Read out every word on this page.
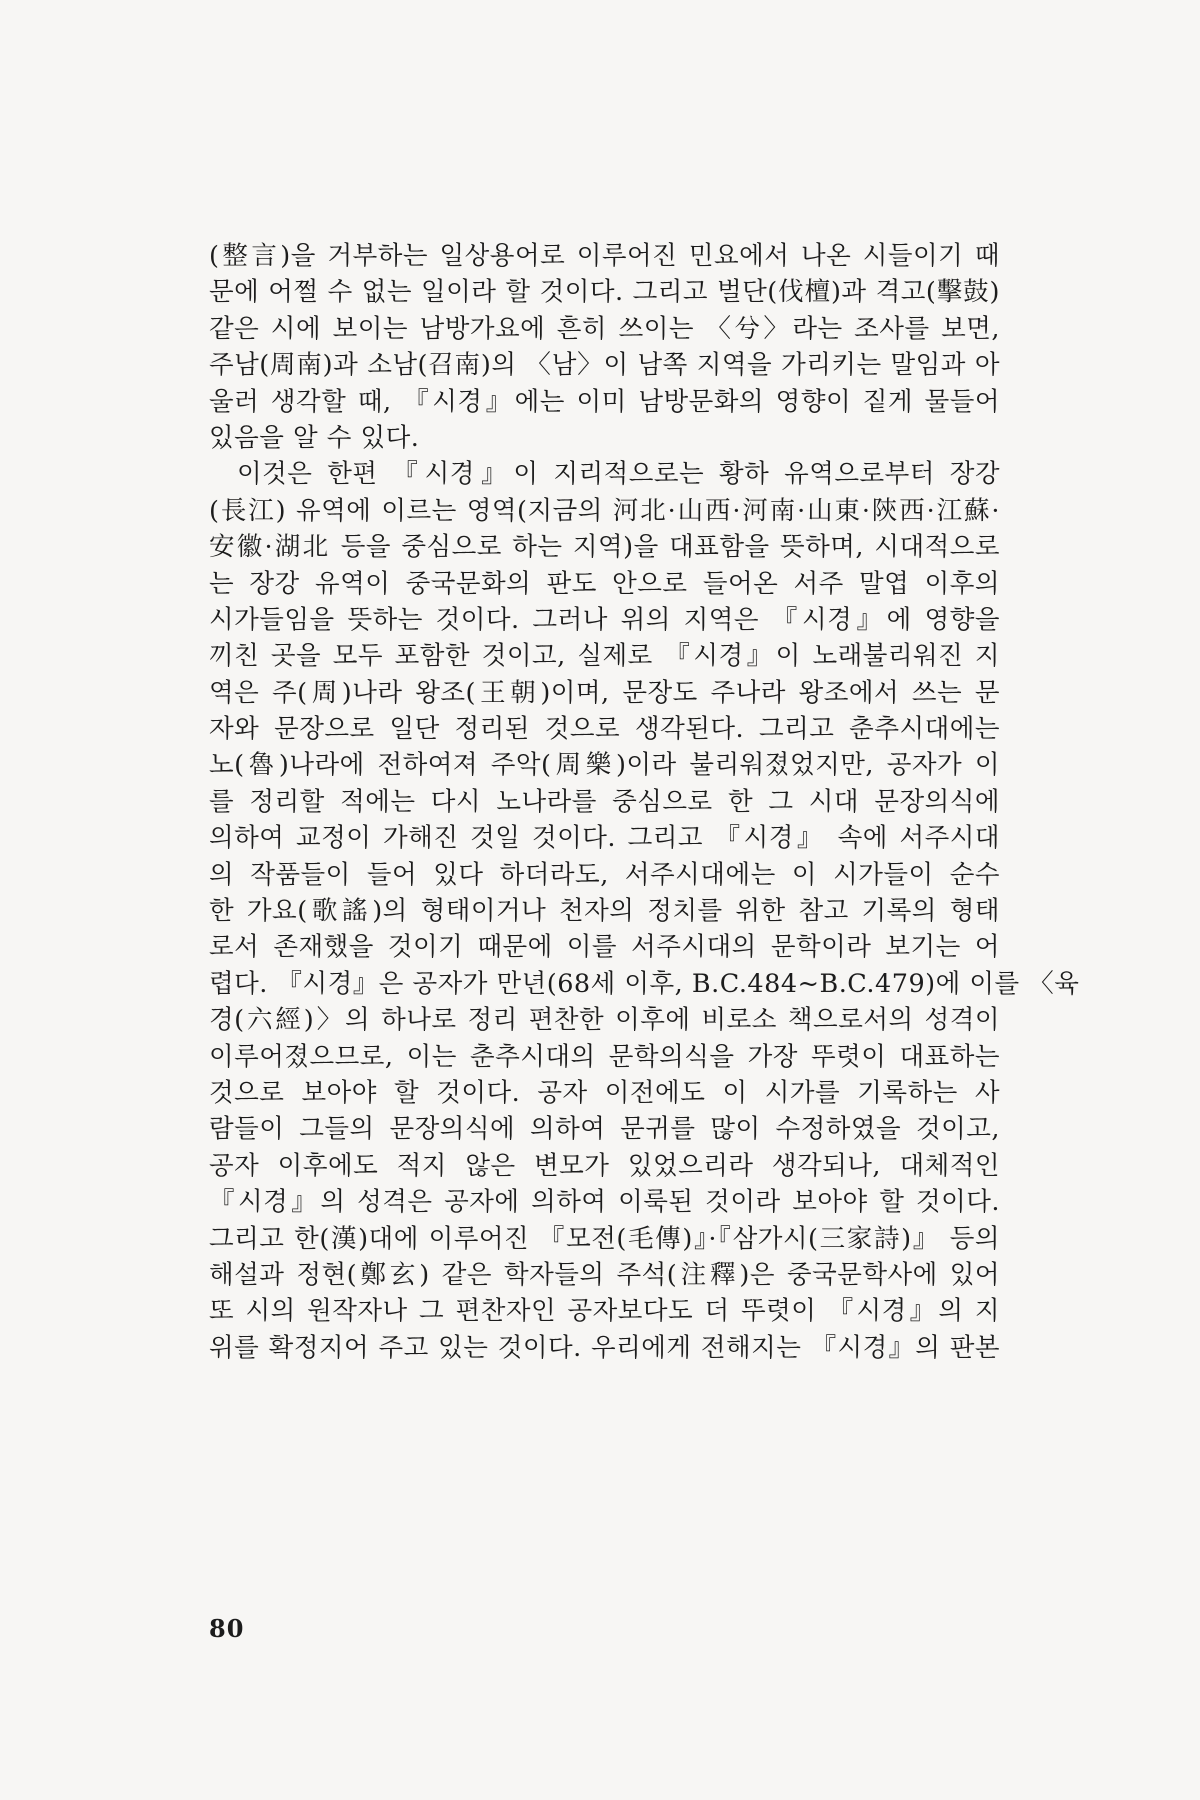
(整言)을 거부하는 일상용어로 이루어진 민요에서 나온 시들이기 때
문에 어쩔 수 없는 일이라 할 것이다. 그리고 벌단(伐檀)과 격고(擊鼓)
같은 시에 보이는 남방가요에 흔히 쓰이는 〈兮〉라는 조사를 보면,
주남(周南)과 소남(召南)의 〈남〉이 남쪽 지역을 가리키는 말임과 아
울러 생각할 때, 『시경』에는 이미 남방문화의 영향이 짙게 물들어
있음을 알 수 있다.
이것은 한편 『시경』이 지리적으로는 황하 유역으로부터 장강
(長江) 유역에 이르는 영역(지금의 河北·山西·河南·山東·陝西·江蘇·
安徽·湖北 등을 중심으로 하는 지역)을 대표함을 뜻하며, 시대적으로
는 장강 유역이 중국문화의 판도 안으로 들어온 서주 말엽 이후의
시가들임을 뜻하는 것이다. 그러나 위의 지역은 『시경』에 영향을
끼친 곳을 모두 포함한 것이고, 실제로 『시경』이 노래불리워진 지
역은 주(周)나라 왕조(王朝)이며, 문장도 주나라 왕조에서 쓰는 문
자와 문장으로 일단 정리된 것으로 생각된다. 그리고 춘추시대에는
노(魯)나라에 전하여져 주악(周樂)이라 불리워졌었지만, 공자가 이
를 정리할 적에는 다시 노나라를 중심으로 한 그 시대 문장의식에
의하여 교정이 가해진 것일 것이다. 그리고 『시경』 속에 서주시대
의 작품들이 들어 있다 하더라도, 서주시대에는 이 시가들이 순수
한 가요(歌謠)의 형태이거나 천자의 정치를 위한 참고 기록의 형태
로서 존재했을 것이기 때문에 이를 서주시대의 문학이라 보기는 어
렵다. 『시경』은 공자가 만년(68세 이후, B.C.484~B.C.479)에 이를 〈육
경(六經)〉의 하나로 정리 편찬한 이후에 비로소 책으로서의 성격이
이루어졌으므로, 이는 춘추시대의 문학의식을 가장 뚜렷이 대표하는
것으로 보아야 할 것이다. 공자 이전에도 이 시가를 기록하는 사
람들이 그들의 문장의식에 의하여 문귀를 많이 수정하였을 것이고,
공자 이후에도 적지 않은 변모가 있었으리라 생각되나, 대체적인
『시경』의 성격은 공자에 의하여 이룩된 것이라 보아야 할 것이다.
그리고 한(漢)대에 이루어진 『모전(毛傳)』·『삼가시(三家詩)』 등의
해설과 정현(鄭玄) 같은 학자들의 주석(注釋)은 중국문학사에 있어
또 시의 원작자나 그 편찬자인 공자보다도 더 뚜렷이 『시경』의 지
위를 확정지어 주고 있는 것이다. 우리에게 전해지는 『시경』의 판본
80
